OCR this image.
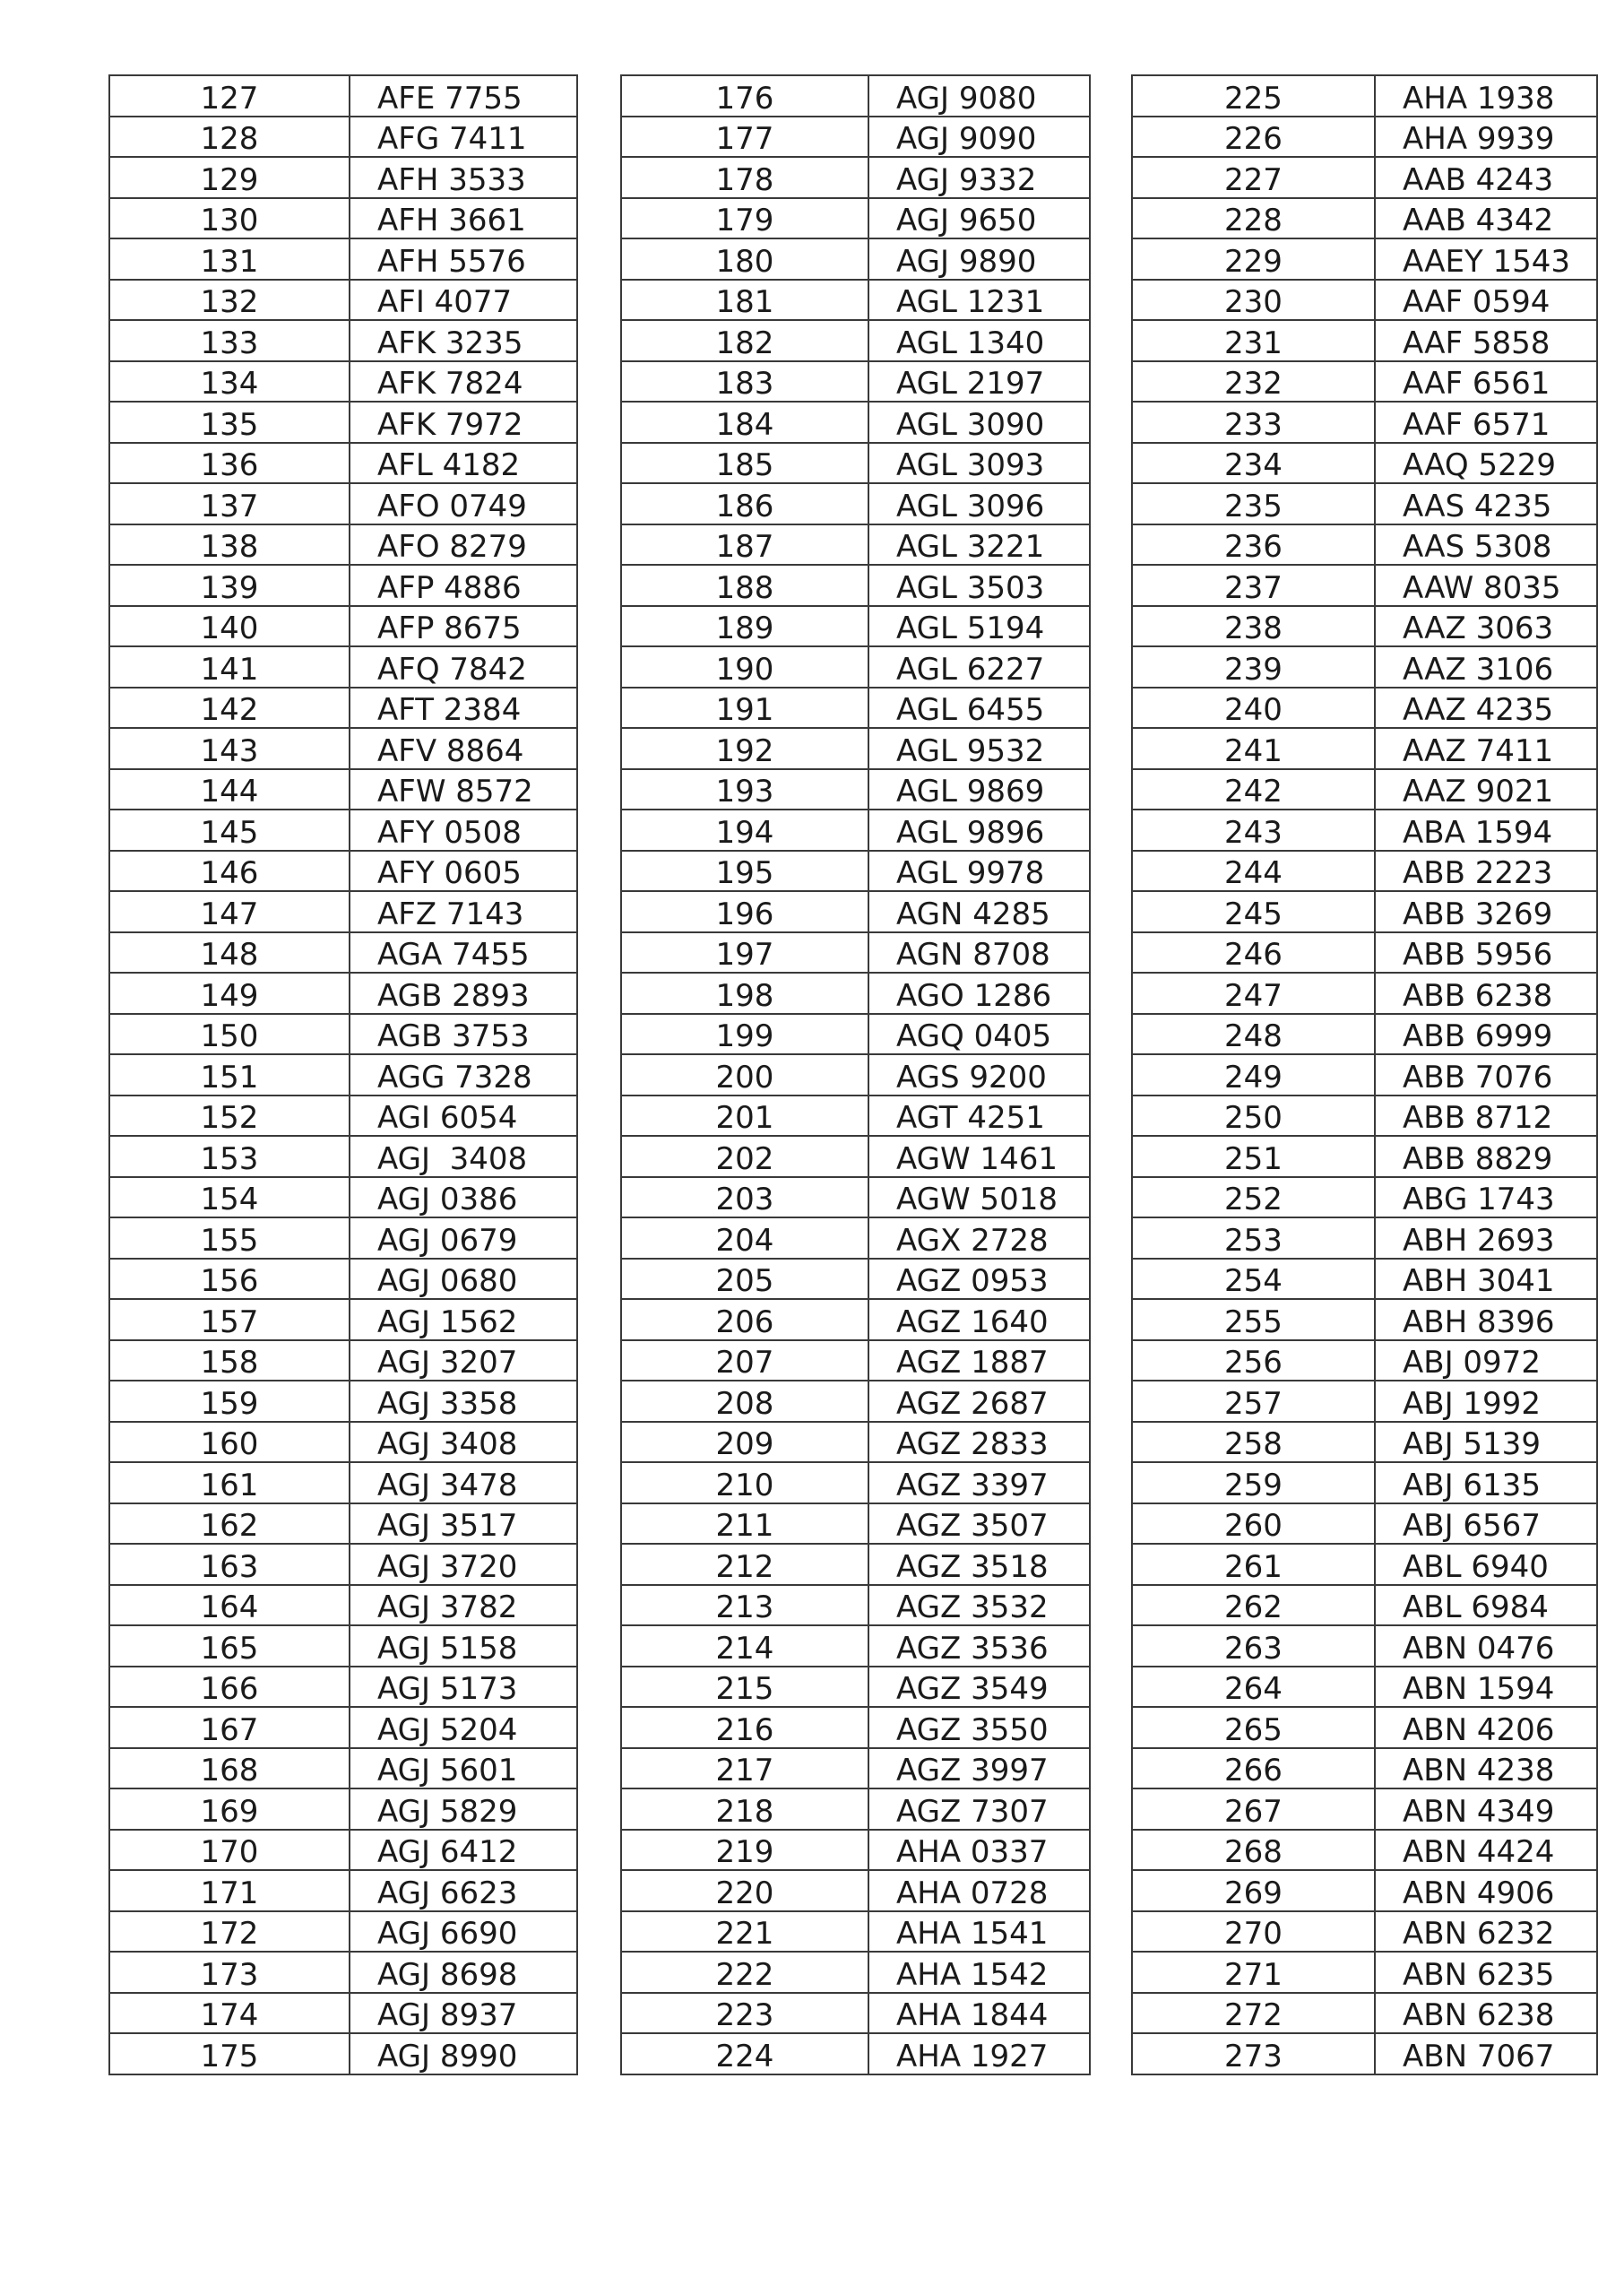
127	AFE 7755
128	AFG 7411
129	AFH 3533
130	AFH 3661
131	AFH 5576
132	AFI 4077
133	AFK 3235
134	AFK 7824
135	AFK 7972
136	AFL 4182
137	AFO 0749
138	AFO 8279
139	AFP 4886
140	AFP 8675
141	AFQ 7842
142	AFT 2384
143	AFV 8864
144	AFW 8572
145	AFY 0508
146	AFY 0605
147	AFZ 7143
148	AGA 7455
149	AGB 2893
150	AGB 3753
151	AGG 7328
152	AGI 6054
153	AGJ  3408
154	AGJ 0386
155	AGJ 0679
156	AGJ 0680
157	AGJ 1562
158	AGJ 3207
159	AGJ 3358
160	AGJ 3408
161	AGJ 3478
162	AGJ 3517
163	AGJ 3720
164	AGJ 3782
165	AGJ 5158
166	AGJ 5173
167	AGJ 5204
168	AGJ 5601
169	AGJ 5829
170	AGJ 6412
171	AGJ 6623
172	AGJ 6690
173	AGJ 8698
174	AGJ 8937
175	AGJ 8990
176	AGJ 9080
177	AGJ 9090
178	AGJ 9332
179	AGJ 9650
180	AGJ 9890
181	AGL 1231
182	AGL 1340
183	AGL 2197
184	AGL 3090
185	AGL 3093
186	AGL 3096
187	AGL 3221
188	AGL 3503
189	AGL 5194
190	AGL 6227
191	AGL 6455
192	AGL 9532
193	AGL 9869
194	AGL 9896
195	AGL 9978
196	AGN 4285
197	AGN 8708
198	AGO 1286
199	AGQ 0405
200	AGS 9200
201	AGT 4251
202	AGW 1461
203	AGW 5018
204	AGX 2728
205	AGZ 0953
206	AGZ 1640
207	AGZ 1887
208	AGZ 2687
209	AGZ 2833
210	AGZ 3397
211	AGZ 3507
212	AGZ 3518
213	AGZ 3532
214	AGZ 3536
215	AGZ 3549
216	AGZ 3550
217	AGZ 3997
218	AGZ 7307
219	AHA 0337
220	AHA 0728
221	AHA 1541
222	AHA 1542
223	AHA 1844
224	AHA 1927
225	AHA 1938
226	AHA 9939
227	AAB 4243
228	AAB 4342
229	AAEY 1543
230	AAF 0594
231	AAF 5858
232	AAF 6561
233	AAF 6571
234	AAQ 5229
235	AAS 4235
236	AAS 5308
237	AAW 8035
238	AAZ 3063
239	AAZ 3106
240	AAZ 4235
241	AAZ 7411
242	AAZ 9021
243	ABA 1594
244	ABB 2223
245	ABB 3269
246	ABB 5956
247	ABB 6238
248	ABB 6999
249	ABB 7076
250	ABB 8712
251	ABB 8829
252	ABG 1743
253	ABH 2693
254	ABH 3041
255	ABH 8396
256	ABJ 0972
257	ABJ 1992
258	ABJ 5139
259	ABJ 6135
260	ABJ 6567
261	ABL 6940
262	ABL 6984
263	ABN 0476
264	ABN 1594
265	ABN 4206
266	ABN 4238
267	ABN 4349
268	ABN 4424
269	ABN 4906
270	ABN 6232
271	ABN 6235
272	ABN 6238
273	ABN 7067
